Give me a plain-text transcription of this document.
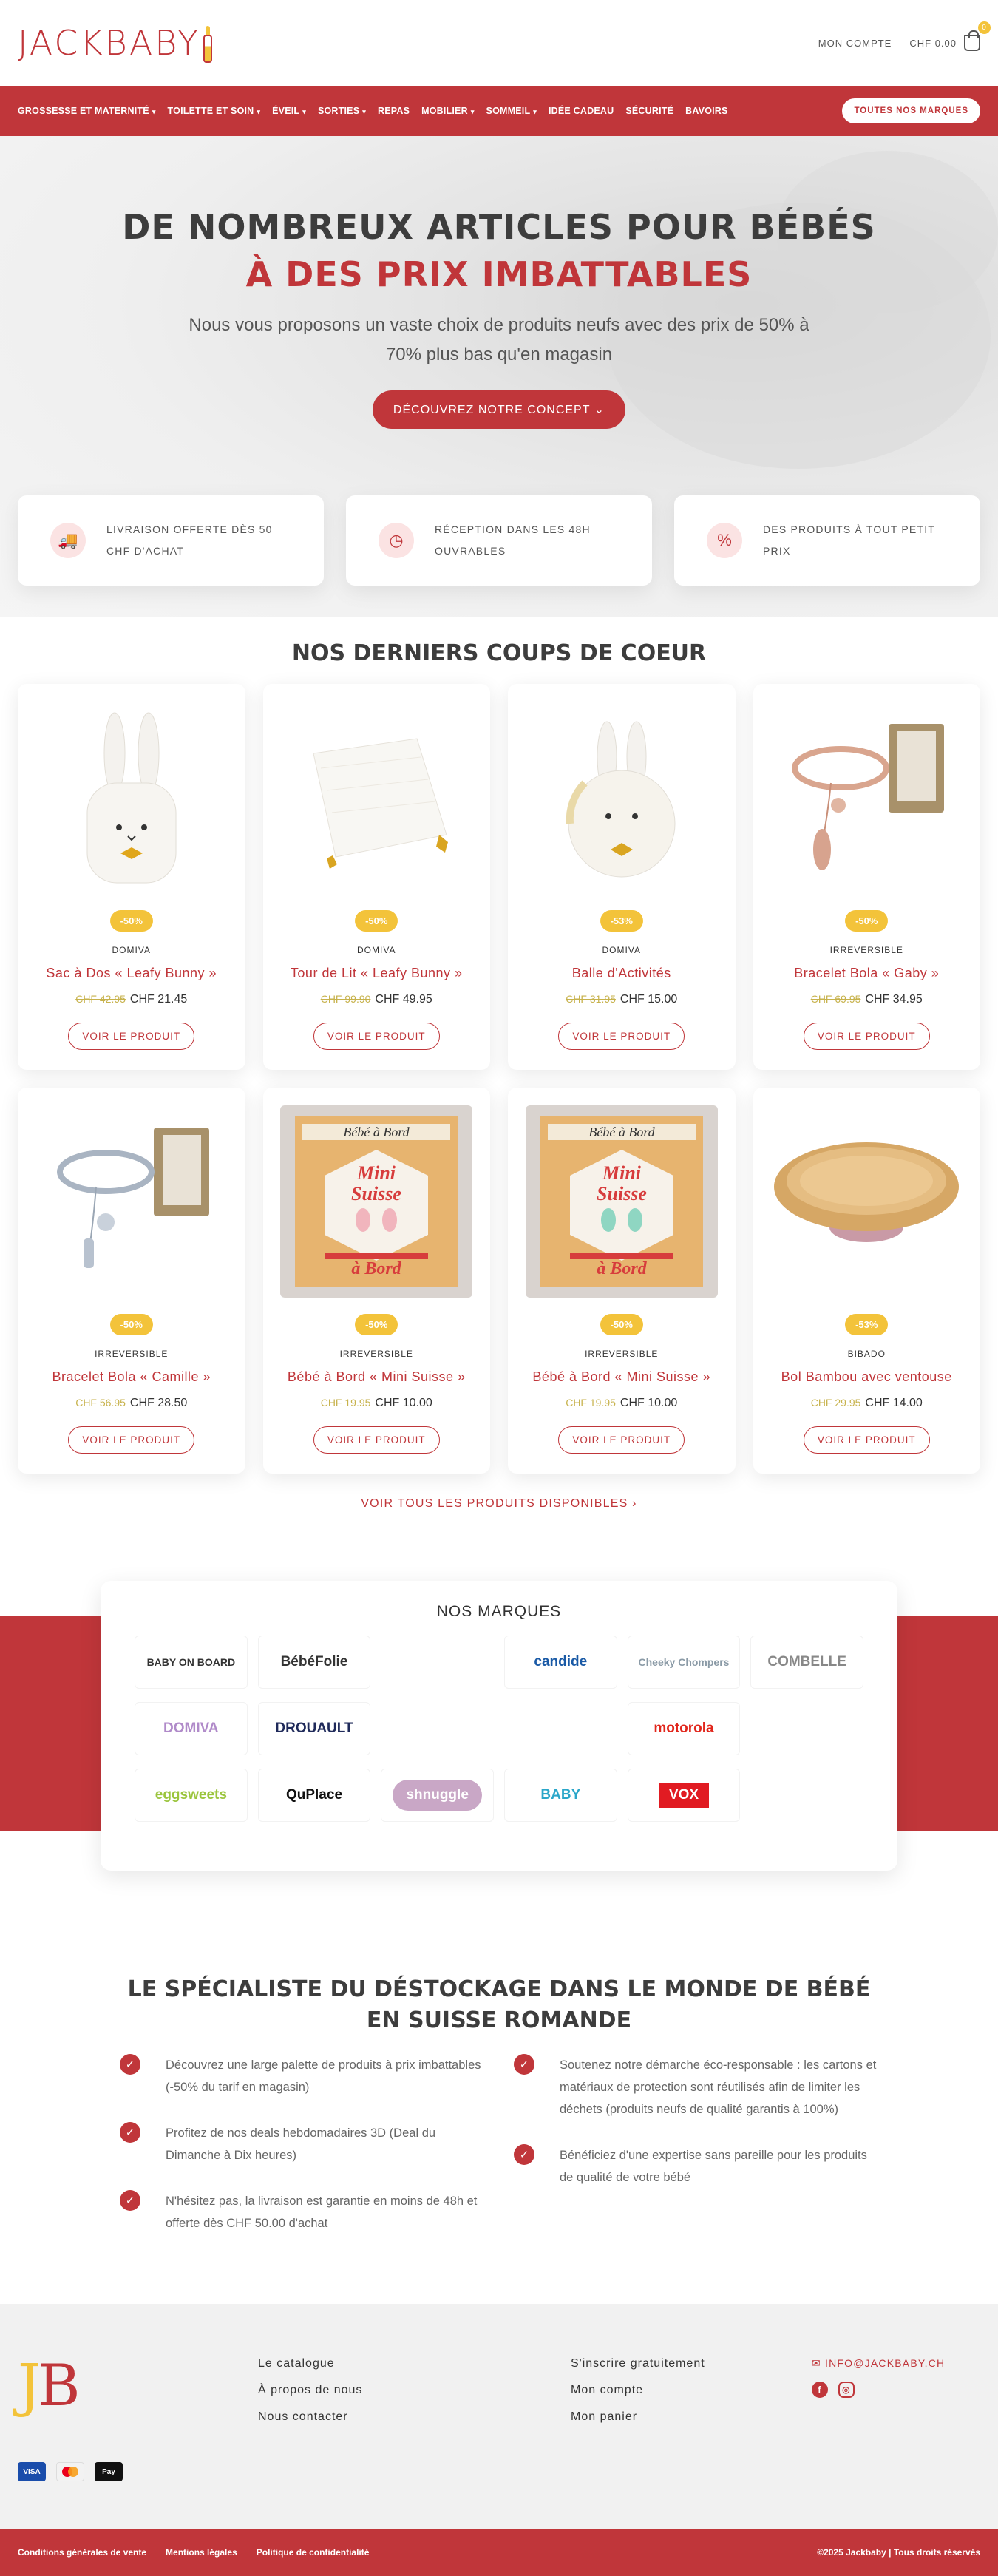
JACKBABY	MON COMPTE CHF 0.00
0
GROSSESSE ET MATERNITÉ ▾ TOILETTE ET SOIN ▾ ÉVEIL ▾ SORTIES ▾ REPAS MOBILIER ▾ SOMMEIL ▾ IDÉE CADEAU SÉCURITÉ BAVOIRS	TOUTES NOS MARQUES
DE NOMBREUX ARTICLES POUR BÉBÉS
À DES PRIX IMBATTABLES

Nous vous proposons un vaste choix de produits neufs avec des prix de 50% à 70% plus bas qu'en magasin

DÉCOUVREZ NOTRE CONCEPT ⌄
🚚
LIVRAISON OFFERTE DÈS 50 CHF D'ACHAT
◷
RÉCEPTION DANS LES 48H OUVRABLES
%
DES PRODUITS À TOUT PETIT PRIX
NOS DERNIERS COUPS DE COEUR
-50%
DOMIVA
Sac à Dos « Leafy Bunny »
CHF 42.95 CHF 21.45
VOIR LE PRODUIT
-50%
DOMIVA
Tour de Lit « Leafy Bunny »
CHF 99.90 CHF 49.95
VOIR LE PRODUIT
-53%
DOMIVA
Balle d'Activités
CHF 31.95 CHF 15.00
VOIR LE PRODUIT
-50%
IRREVERSIBLE
Bracelet Bola « Gaby »
CHF 69.95 CHF 34.95
VOIR LE PRODUIT
-50%
IRREVERSIBLE
Bracelet Bola « Camille »
CHF 56.95 CHF 28.50
VOIR LE PRODUIT
Bébé à Bord
Mini
Suisse
à Bord
-50%
IRREVERSIBLE
Bébé à Bord « Mini Suisse »
CHF 19.95 CHF 10.00
VOIR LE PRODUIT
Bébé à Bord
Mini
Suisse
à Bord
-50%
IRREVERSIBLE
Bébé à Bord « Mini Suisse »
CHF 19.95 CHF 10.00
VOIR LE PRODUIT
-53%
BIBADO
Bol Bambou avec ventouse
CHF 29.95 CHF 14.00
VOIR LE PRODUIT
VOIR TOUS LES PRODUITS DISPONIBLES ›
NOS MARQUES
BABY ON BOARD	BébéFolie	candide	Cheeky Chompers	COMBELLE
DOMIVA	DROUAULT	motorola
eggsweets	QuPlace	shnuggle	BABY	VOX
LE SPÉCIALISTE DU DÉSTOCKAGE DANS LE MONDE DE BÉBÉ EN SUISSE ROMANDE
✓	Découvrez une large palette de produits à prix imbattables (-50% du tarif en magasin)
✓	Profitez de nos deals hebdomadaires 3D (Deal du Dimanche à Dix heures)
✓	N'hésitez pas, la livraison est garantie en moins de 48h et offerte dès CHF 50.00 d'achat
✓	Soutenez notre démarche éco-responsable : les cartons et matériaux de protection sont réutilisés afin de limiter les déchets (produits neufs de qualité garantis à 100%)
✓	Bénéficiez d'une expertise sans pareille pour les produits de qualité de votre bébé
JB	Le catalogue
À propos de nous
Nous contacter
S'inscrire gratuitement
Mon compte
Mon panier
✉ INFO@JACKBABY.CH
f	◎
VISA	Pay
Conditions générales de vente Mentions légales Politique de confidentialité	©2025 Jackbaby | Tous droits réservés
